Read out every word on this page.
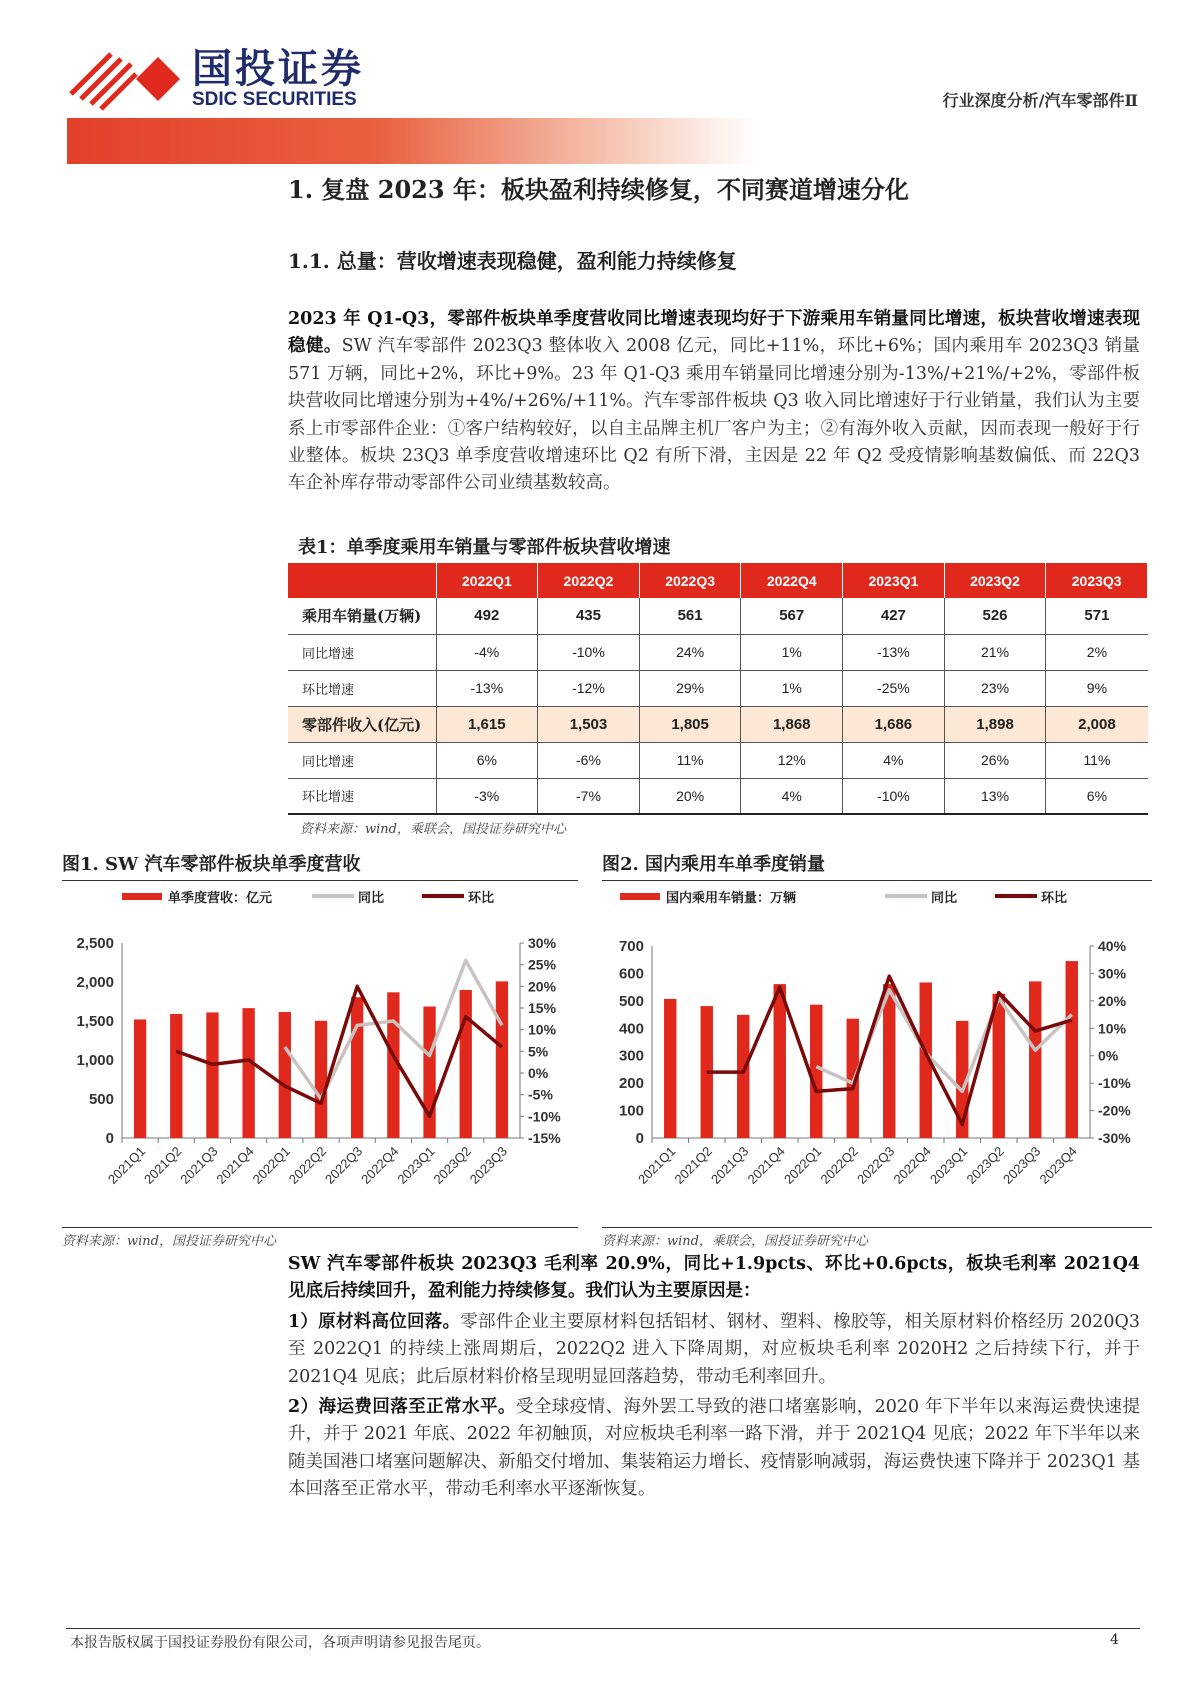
国投证券
SDIC SECURITIES	行业深度分析/汽车零部件Ⅱ
1. 复盘 2023 年：板块盈利持续修复，不同赛道增速分化
1.1. 总量：营收增速表现稳健，盈利能力持续修复
2023 年 Q1-Q3，零部件板块单季度营收同比增速表现均好于下游乘用车销量同比增速，板块营收增速表现稳健。SW 汽车零部件 2023Q3 整体收入 2008 亿元，同比+11%，环比+6%；国内乘用车 2023Q3 销量 571 万辆，同比+2%，环比+9%。23 年 Q1-Q3 乘用车销量同比增速分别为-13%/+21%/+2%，零部件板块营收同比增速分别为+4%/+26%/+11%。汽车零部件板块 Q3 收入同比增速好于行业销量，我们认为主要系上市零部件企业：①客户结构较好，以自主品牌主机厂客户为主；②有海外收入贡献，因而表现一般好于行业整体。板块 23Q3 单季度营收增速环比 Q2 有所下滑，主因是 22 年 Q2 受疫情影响基数偏低、而 22Q3 车企补库存带动零部件公司业绩基数较高。
表1：单季度乘用车销量与零部件板块营收增速
	2022Q1	2022Q2	2022Q3	2022Q4	2023Q1	2023Q2	2023Q3
乘用车销量(万辆)	492	435	561	567	427	526	571
同比增速	-4%	-10%	24%	1%	-13%	21%	2%
环比增速	-13%	-12%	29%	1%	-25%	23%	9%
零部件收入(亿元)	1,615	1,503	1,805	1,868	1,686	1,898	2,008
同比增速	6%	-6%	11%	12%	4%	26%	11%
环比增速	-3%	-7%	20%	4%	-10%	13%	6%
资料来源：wind，乘联会，国投证券研究中心
图1. SW 汽车零部件板块单季度营收	图2. 国内乘用车单季度销量
单季度营收：亿元	同比	环比
0
500
1,000
1,500
2,000
2,500
-15%
-10%
-5%
0%
5%
10%
15%
20%
25%
30%
2021Q1
2021Q2
2021Q3
2021Q4
2022Q1
2022Q2
2022Q3
2022Q4
2023Q1
2023Q2
2023Q3
国内乘用车销量：万辆	同比	环比
0
100
200
300
400
500
600
700
-30%
-20%
-10%
0%
10%
20%
30%
40%
2021Q1
2021Q2
2021Q3
2021Q4
2022Q1
2022Q2
2022Q3
2022Q4
2023Q1
2023Q2
2023Q3
2023Q4
资料来源：wind，国投证券研究中心	资料来源：wind，乘联会，国投证券研究中心
SW 汽车零部件板块 2023Q3 毛利率 20.9%，同比+1.9pcts、环比+0.6pcts，板块毛利率 2021Q4 见底后持续回升，盈利能力持续修复。我们认为主要原因是：
1）原材料高位回落。零部件企业主要原材料包括铝材、钢材、塑料、橡胶等，相关原材料价格经历 2020Q3 至 2022Q1 的持续上涨周期后，2022Q2 进入下降周期，对应板块毛利率 2020H2 之后持续下行，并于 2021Q4 见底；此后原材料价格呈现明显回落趋势，带动毛利率回升。
2）海运费回落至正常水平。受全球疫情、海外罢工导致的港口堵塞影响，2020 年下半年以来海运费快速提升，并于 2021 年底、2022 年初触顶，对应板块毛利率一路下滑，并于 2021Q4 见底；2022 年下半年以来随美国港口堵塞问题解决、新船交付增加、集装箱运力增长、疫情影响减弱，海运费快速下降并于 2023Q1 基本回落至正常水平，带动毛利率水平逐渐恢复。
本报告版权属于国投证券股份有限公司，各项声明请参见报告尾页。	4
